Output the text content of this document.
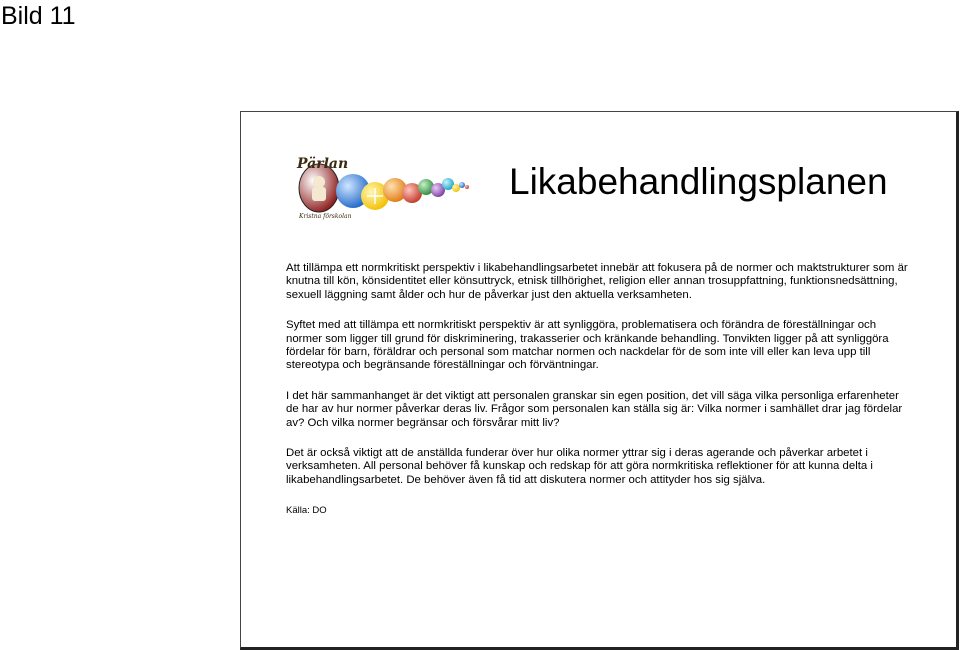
Bild 11
Pärlan
Kristna förskolan
Likabehandlingsplanen

Att tillämpa ett normkritiskt perspektiv i likabehandlingsarbetet innebär att fokusera på de normer och maktstrukturer som är knutna till kön, könsidentitet eller könsuttryck, etnisk tillhörighet, religion eller annan trosuppfattning, funktionsnedsättning, sexuell läggning samt ålder och hur de påverkar just den aktuella verksamheten.

Syftet med att tillämpa ett normkritiskt perspektiv är att synliggöra, problematisera och förändra de föreställningar och normer som ligger till grund för diskriminering, trakasserier och kränkande behandling. Tonvikten ligger på att synliggöra fördelar för barn, föräldrar och personal som matchar normen och nackdelar för de som inte vill eller kan leva upp till stereotypa och begränsande föreställningar och förväntningar.

I det här sammanhanget är det viktigt att personalen granskar sin egen position, det vill säga vilka personliga erfarenheter de har av hur normer påverkar deras liv. Frågor som personalen kan ställa sig är: Vilka normer i samhället drar jag fördelar av? Och vilka normer begränsar och försvårar mitt liv?

Det är också viktigt att de anställda funderar över hur olika normer yttrar sig i deras agerande och påverkar arbetet i verksamheten. All personal behöver få kunskap och redskap för att göra normkritiska reflektioner för att kunna delta i likabehandlingsarbetet. De behöver även få tid att diskutera normer och attityder hos sig själva.

Källa: DO
